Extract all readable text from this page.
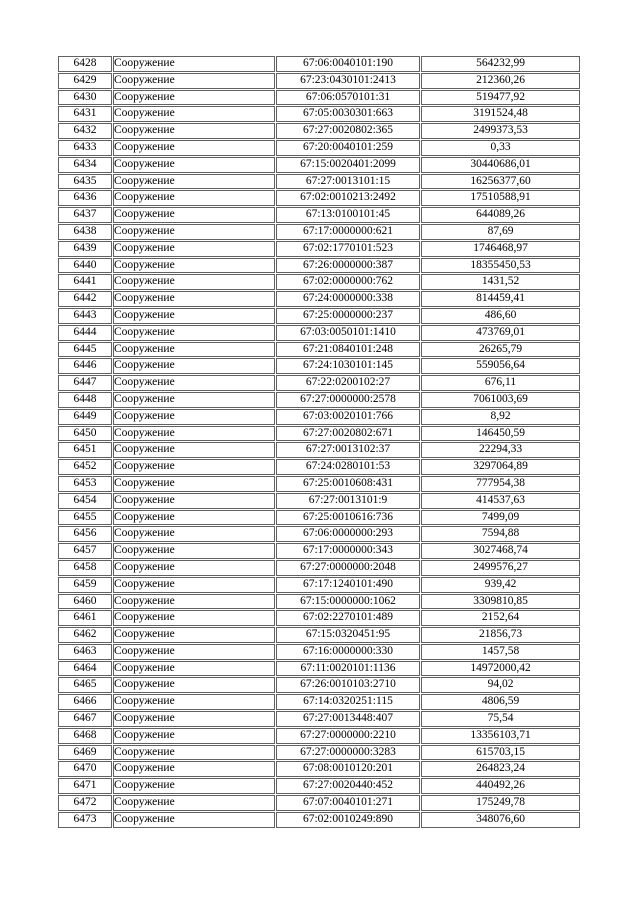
6428	Сооружение	67:06:0040101:190	564232,99
6429	Сооружение	67:23:0430101:2413	212360,26
6430	Сооружение	67:06:0570101:31	519477,92
6431	Сооружение	67:05:0030301:663	3191524,48
6432	Сооружение	67:27:0020802:365	2499373,53
6433	Сооружение	67:20:0040101:259	0,33
6434	Сооружение	67:15:0020401:2099	30440686,01
6435	Сооружение	67:27:0013101:15	16256377,60
6436	Сооружение	67:02:0010213:2492	17510588,91
6437	Сооружение	67:13:0100101:45	644089,26
6438	Сооружение	67:17:0000000:621	87,69
6439	Сооружение	67:02:1770101:523	1746468,97
6440	Сооружение	67:26:0000000:387	18355450,53
6441	Сооружение	67:02:0000000:762	1431,52
6442	Сооружение	67:24:0000000:338	814459,41
6443	Сооружение	67:25:0000000:237	486,60
6444	Сооружение	67:03:0050101:1410	473769,01
6445	Сооружение	67:21:0840101:248	26265,79
6446	Сооружение	67:24:1030101:145	559056,64
6447	Сооружение	67:22:0200102:27	676,11
6448	Сооружение	67:27:0000000:2578	7061003,69
6449	Сооружение	67:03:0020101:766	8,92
6450	Сооружение	67:27:0020802:671	146450,59
6451	Сооружение	67:27:0013102:37	22294,33
6452	Сооружение	67:24:0280101:53	3297064,89
6453	Сооружение	67:25:0010608:431	777954,38
6454	Сооружение	67:27:0013101:9	414537,63
6455	Сооружение	67:25:0010616:736	7499,09
6456	Сооружение	67:06:0000000:293	7594,88
6457	Сооружение	67:17:0000000:343	3027468,74
6458	Сооружение	67:27:0000000:2048	2499576,27
6459	Сооружение	67:17:1240101:490	939,42
6460	Сооружение	67:15:0000000:1062	3309810,85
6461	Сооружение	67:02:2270101:489	2152,64
6462	Сооружение	67:15:0320451:95	21856,73
6463	Сооружение	67:16:0000000:330	1457,58
6464	Сооружение	67:11:0020101:1136	14972000,42
6465	Сооружение	67:26:0010103:2710	94,02
6466	Сооружение	67:14:0320251:115	4806,59
6467	Сооружение	67:27:0013448:407	75,54
6468	Сооружение	67:27:0000000:2210	13356103,71
6469	Сооружение	67:27:0000000:3283	615703,15
6470	Сооружение	67:08:0010120:201	264823,24
6471	Сооружение	67:27:0020440:452	440492,26
6472	Сооружение	67:07:0040101:271	175249,78
6473	Сооружение	67:02:0010249:890	348076,60
